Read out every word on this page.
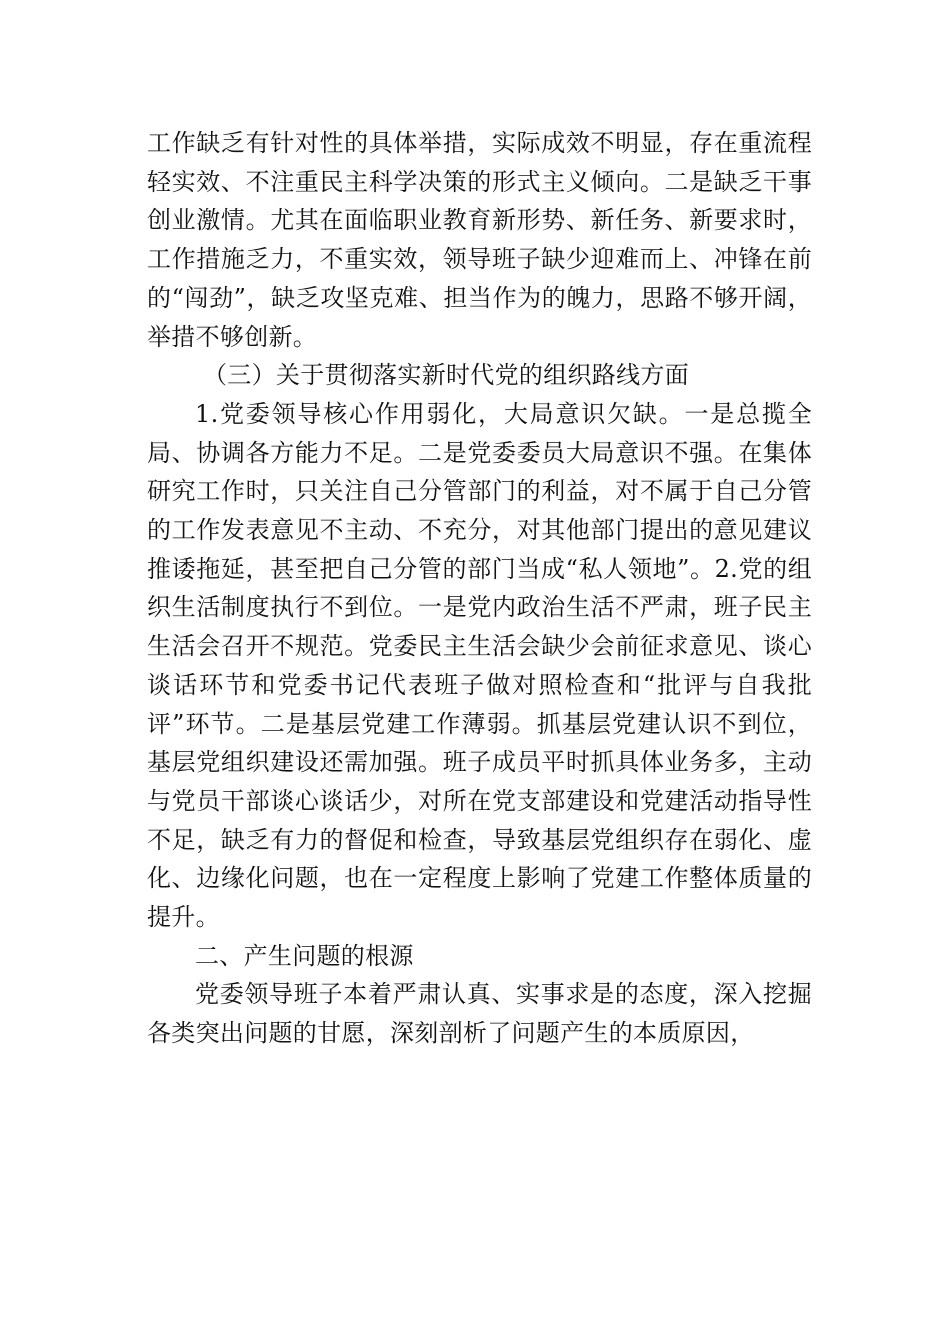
工作缺乏有针对性的具体举措，实际成效不明显，存在重流程轻实效、不注重民主科学决策的形式主义倾向。二是缺乏干事创业激情。尤其在面临职业教育新形势、新任务、新要求时，工作措施乏力，不重实效，领导班子缺少迎难而上、冲锋在前的“闯劲”，缺乏攻坚克难、担当作为的魄力，思路不够开阔，举措不够创新。

（三）关于贯彻落实新时代党的组织路线方面

1.党委领导核心作用弱化，大局意识欠缺。一是总揽全局、协调各方能力不足。二是党委委员大局意识不强。在集体研究工作时，只关注自己分管部门的利益，对不属于自己分管的工作发表意见不主动、不充分，对其他部门提出的意见建议推诿拖延，甚至把自己分管的部门当成“私人领地”。2.党的组织生活制度执行不到位。一是党内政治生活不严肃，班子民主生活会召开不规范。党委民主生活会缺少会前征求意见、谈心谈话环节和党委书记代表班子做对照检查和“批评与自我批评”环节。二是基层党建工作薄弱。抓基层党建认识不到位，基层党组织建设还需加强。班子成员平时抓具体业务多，主动与党员干部谈心谈话少，对所在党支部建设和党建活动指导性不足，缺乏有力的督促和检查，导致基层党组织存在弱化、虚化、边缘化问题，也在一定程度上影响了党建工作整体质量的提升。

二、产生问题的根源

党委领导班子本着严肃认真、实事求是的态度，深入挖掘各类突出问题的甘愿，深刻剖析了问题产生的本质原因，
